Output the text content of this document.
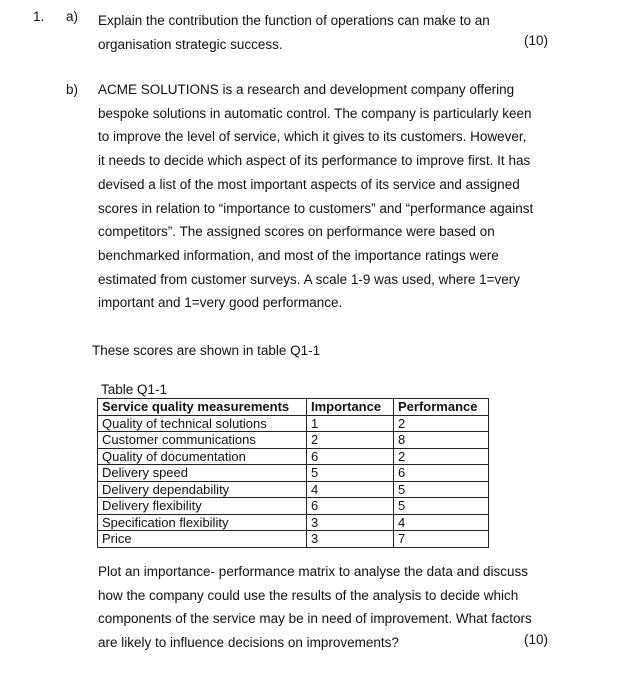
1. a) Explain the contribution the function of operations can make to an
organisation strategic success.	(10)
b) ACME SOLUTIONS is a research and development company offering
bespoke solutions in automatic control. The company is particularly keen
to improve the level of service, which it gives to its customers. However,
it needs to decide which aspect of its performance to improve first. It has
devised a list of the most important aspects of its service and assigned
scores in relation to “importance to customers” and “performance against
competitors”. The assigned scores on performance were based on
benchmarked information, and most of the importance ratings were
estimated from customer surveys. A scale 1-9 was used, where 1=very
important and 1=very good performance.
These scores are shown in table Q1-1
Table Q1-1
Service quality measurements	Importance	Performance
Quality of technical solutions	1	2
Customer communications	2	8
Quality of documentation	6	2
Delivery speed	5	6
Delivery dependability	4	5
Delivery flexibility	6	5
Specification flexibility	3	4
Price	3	7
Plot an importance- performance matrix to analyse the data and discuss
how the company could use the results of the analysis to decide which
components of the service may be in need of improvement. What factors
are likely to influence decisions on improvements?	(10)
